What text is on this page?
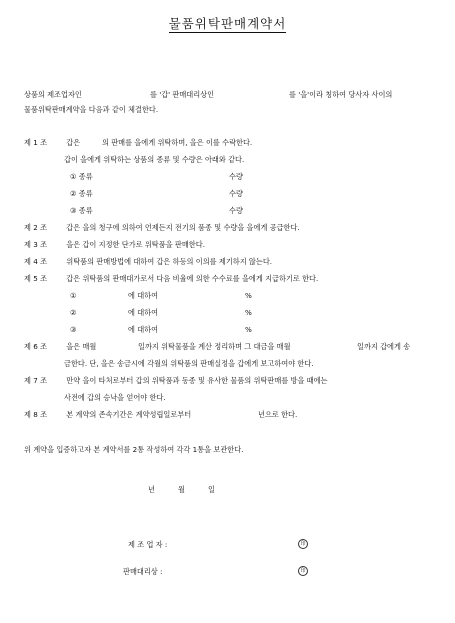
물품위탁판매계약서
상품의 제조업자인	를 '갑' 판매대리상인	를 '을'이라 칭하여 당사자 사이의
물품위탁판매계약을 다음과 같이 체결한다.
제 1 조	갑은	의 판매를 을에게 위탁하며, 을은 이를 수락한다.
갑이 을에게 위탁하는 상품의 종류 및 수량은 아래와 같다.
① 종류	수량
② 종류	수량
③ 종류	수량
제 2 조	갑은 을의 청구에 의하여 언제든지 전기의 품종 및 수량을 을에게 공급한다.
제 3 조	을은 갑이 지정한 단가로 위탁품을 판매한다.
제 4 조	위탁품의 판매방법에 대하여 갑은 하등의 이의를 제기하지 않는다.
제 5 조	갑은 위탁품의 판매대가로서 다음 비율에 의한 수수료를 을에게 지급하기로 한다.
①	에 대하여	%
②	에 대하여	%
③	에 대하여	%
제 6 조	을은 매월	일까지 위탁물품을 계산 정리하며 그 대금을 매월	일까지 갑에게 송
금한다. 단, 을은 송금시에 각월의 위탁품의 판매실정을 갑에게 보고하여야 한다.
제 7 조	만약 을이 타처로부터 갑의 위탁품과 동종 및 유사한 물품의 위탁판매를 방을 때에는
사전에 갑의 승낙을 얻어야 한다.
제 8 조	본 계약의 존속기간은 계약성립일로부터	년으로 한다.
위 계약을 입증하고자 본 계약서를 2통 작성하여 각각 1통을 보관한다.
년	월	일
제 조 업 자 :	印
판매대리상 :	印
